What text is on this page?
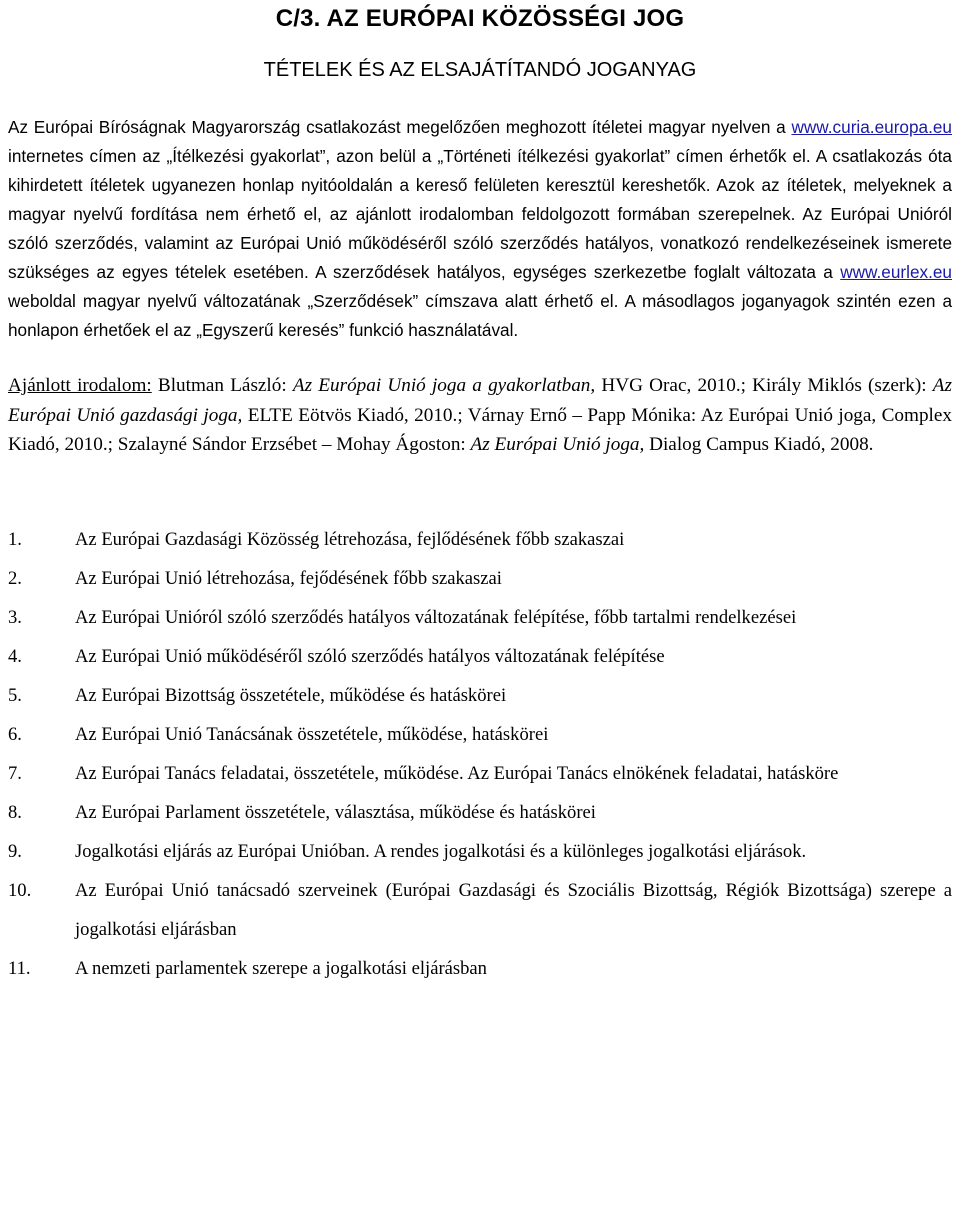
C/3. AZ EURÓPAI KÖZÖSSÉGI JOG
TÉTELEK ÉS AZ ELSAJÁTÍTANDÓ JOGANYAG

Az Európai Bíróságnak Magyarország csatlakozást megelőzően meghozott ítéletei magyar nyelven a www.curia.europa.eu internetes címen az „Ítélkezési gyakorlat”, azon belül a „Történeti ítélkezési gyakorlat” címen érhetők el. A csatlakozás óta kihirdetett ítéletek ugyanezen honlap nyitóoldalán a kereső felületen keresztül kereshetők. Azok az ítéletek, melyeknek a magyar nyelvű fordítása nem érhető el, az ajánlott irodalomban feldolgozott formában szerepelnek. Az Európai Unióról szóló szerződés, valamint az Európai Unió működéséről szóló szerződés hatályos, vonatkozó rendelkezéseinek ismerete szükséges az egyes tételek esetében. A szerződések hatályos, egységes szerkezetbe foglalt változata a www.eurlex.eu weboldal magyar nyelvű változatának „Szerződések” címszava alatt érhető el. A másodlagos joganyagok szintén ezen a honlapon érhetőek el az „Egyszerű keresés” funkció használatával.

Ajánlott irodalom: Blutman László: Az Európai Unió joga a gyakorlatban, HVG Orac, 2010.; Király Miklós (szerk): Az Európai Unió gazdasági joga, ELTE Eötvös Kiadó, 2010.; Várnay Ernő – Papp Mónika: Az Európai Unió joga, Complex Kiadó, 2010.; Szalayné Sándor Erzsébet – Mohay Ágoston: Az Európai Unió joga, Dialog Campus Kiadó, 2008.

1.	Az Európai Gazdasági Közösség létrehozása, fejlődésének főbb szakaszai
2.	Az Európai Unió létrehozása, fejődésének főbb szakaszai
3.	Az Európai Unióról szóló szerződés hatályos változatának felépítése, főbb tartalmi rendelkezései
4.	Az Európai Unió működéséről szóló szerződés hatályos változatának felépítése
5.	Az Európai Bizottság összetétele, működése és hatáskörei
6.	Az Európai Unió Tanácsának összetétele, működése, hatáskörei
7.	Az Európai Tanács feladatai, összetétele, működése. Az Európai Tanács elnökének feladatai, hatásköre
8.	Az Európai Parlament összetétele, választása, működése és hatáskörei
9.	Jogalkotási eljárás az Európai Unióban. A rendes jogalkotási és a különleges jogalkotási eljárások.
10.	Az Európai Unió tanácsadó szerveinek (Európai Gazdasági és Szociális Bizottság, Régiók Bizottsága) szerepe a jogalkotási eljárásban
11.	A nemzeti parlamentek szerepe a jogalkotási eljárásban
